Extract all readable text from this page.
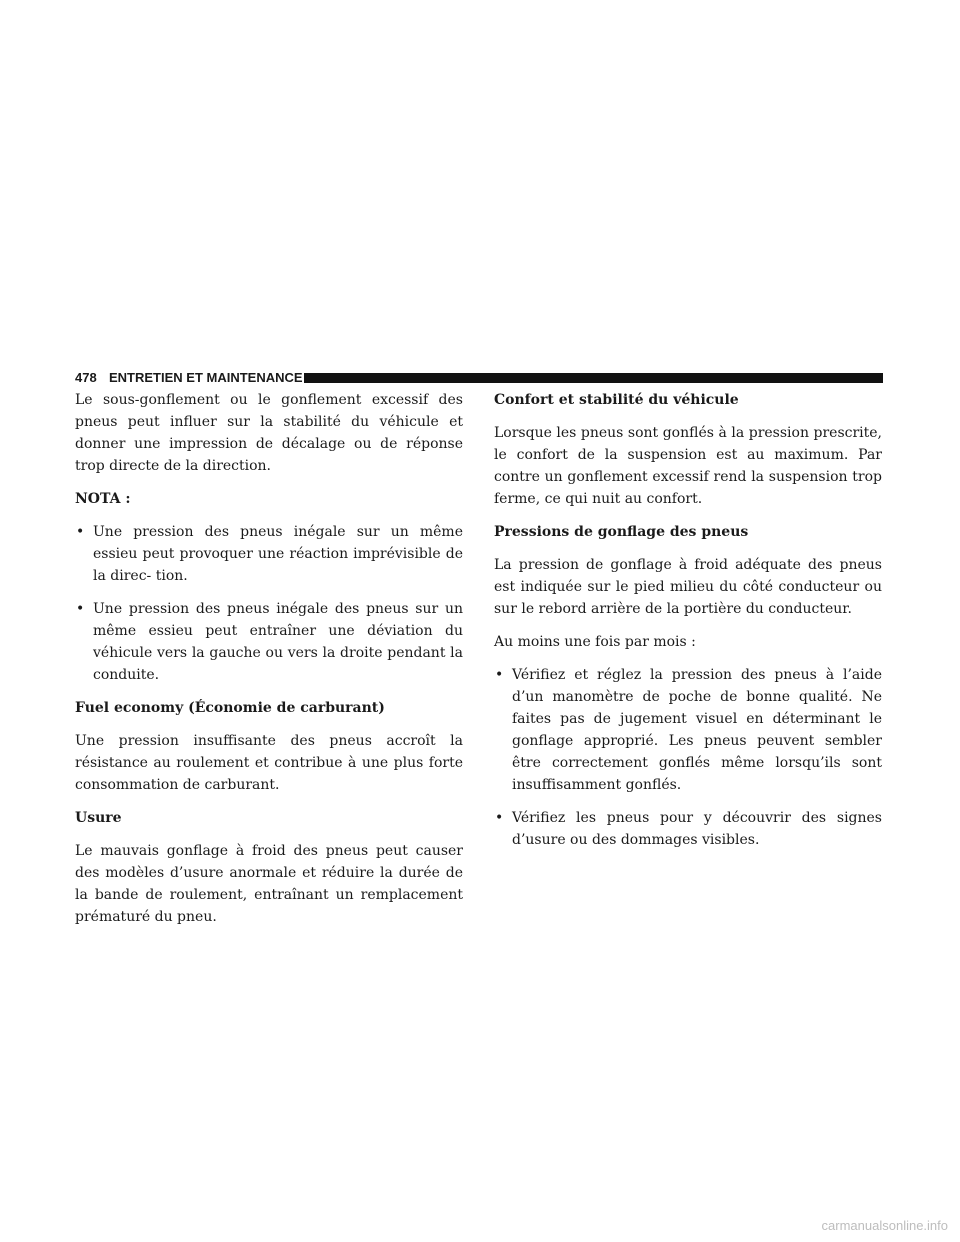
478 ENTRETIEN ET MAINTENANCE

Le sous-gonflement ou le gonflement excessif des pneus peut influer sur la stabilité du véhicule et donner une impression de décalage ou de réponse trop directe de la direction.

NOTA :

• Une pression des pneus inégale sur un même essieu peut provoquer une réaction imprévisible de la direc- tion.
• Une pression des pneus inégale des pneus sur un même essieu peut entraîner une déviation du véhicule vers la gauche ou vers la droite pendant la conduite.

Fuel economy (Économie de carburant)

Une pression insuffisante des pneus accroît la résistance au roulement et contribue à une plus forte consommation de carburant.

Usure

Le mauvais gonflage à froid des pneus peut causer des modèles d’usure anormale et réduire la durée de la bande de roulement, entraînant un remplacement prématuré du pneu.

Confort et stabilité du véhicule

Lorsque les pneus sont gonflés à la pression prescrite, le confort de la suspension est au maximum. Par contre un gonflement excessif rend la suspension trop ferme, ce qui nuit au confort.

Pressions de gonflage des pneus

La pression de gonflage à froid adéquate des pneus est indiquée sur le pied milieu du côté conducteur ou sur le rebord arrière de la portière du conducteur.

Au moins une fois par mois :

• Vérifiez et réglez la pression des pneus à l’aide d’un manomètre de poche de bonne qualité. Ne faites pas de jugement visuel en déterminant le gonflage approprié. Les pneus peuvent sembler être correctement gonflés même lorsqu’ils sont insuffisamment gonflés.
• Vérifiez les pneus pour y découvrir des signes d’usure ou des dommages visibles.
carmanualsonline.info
